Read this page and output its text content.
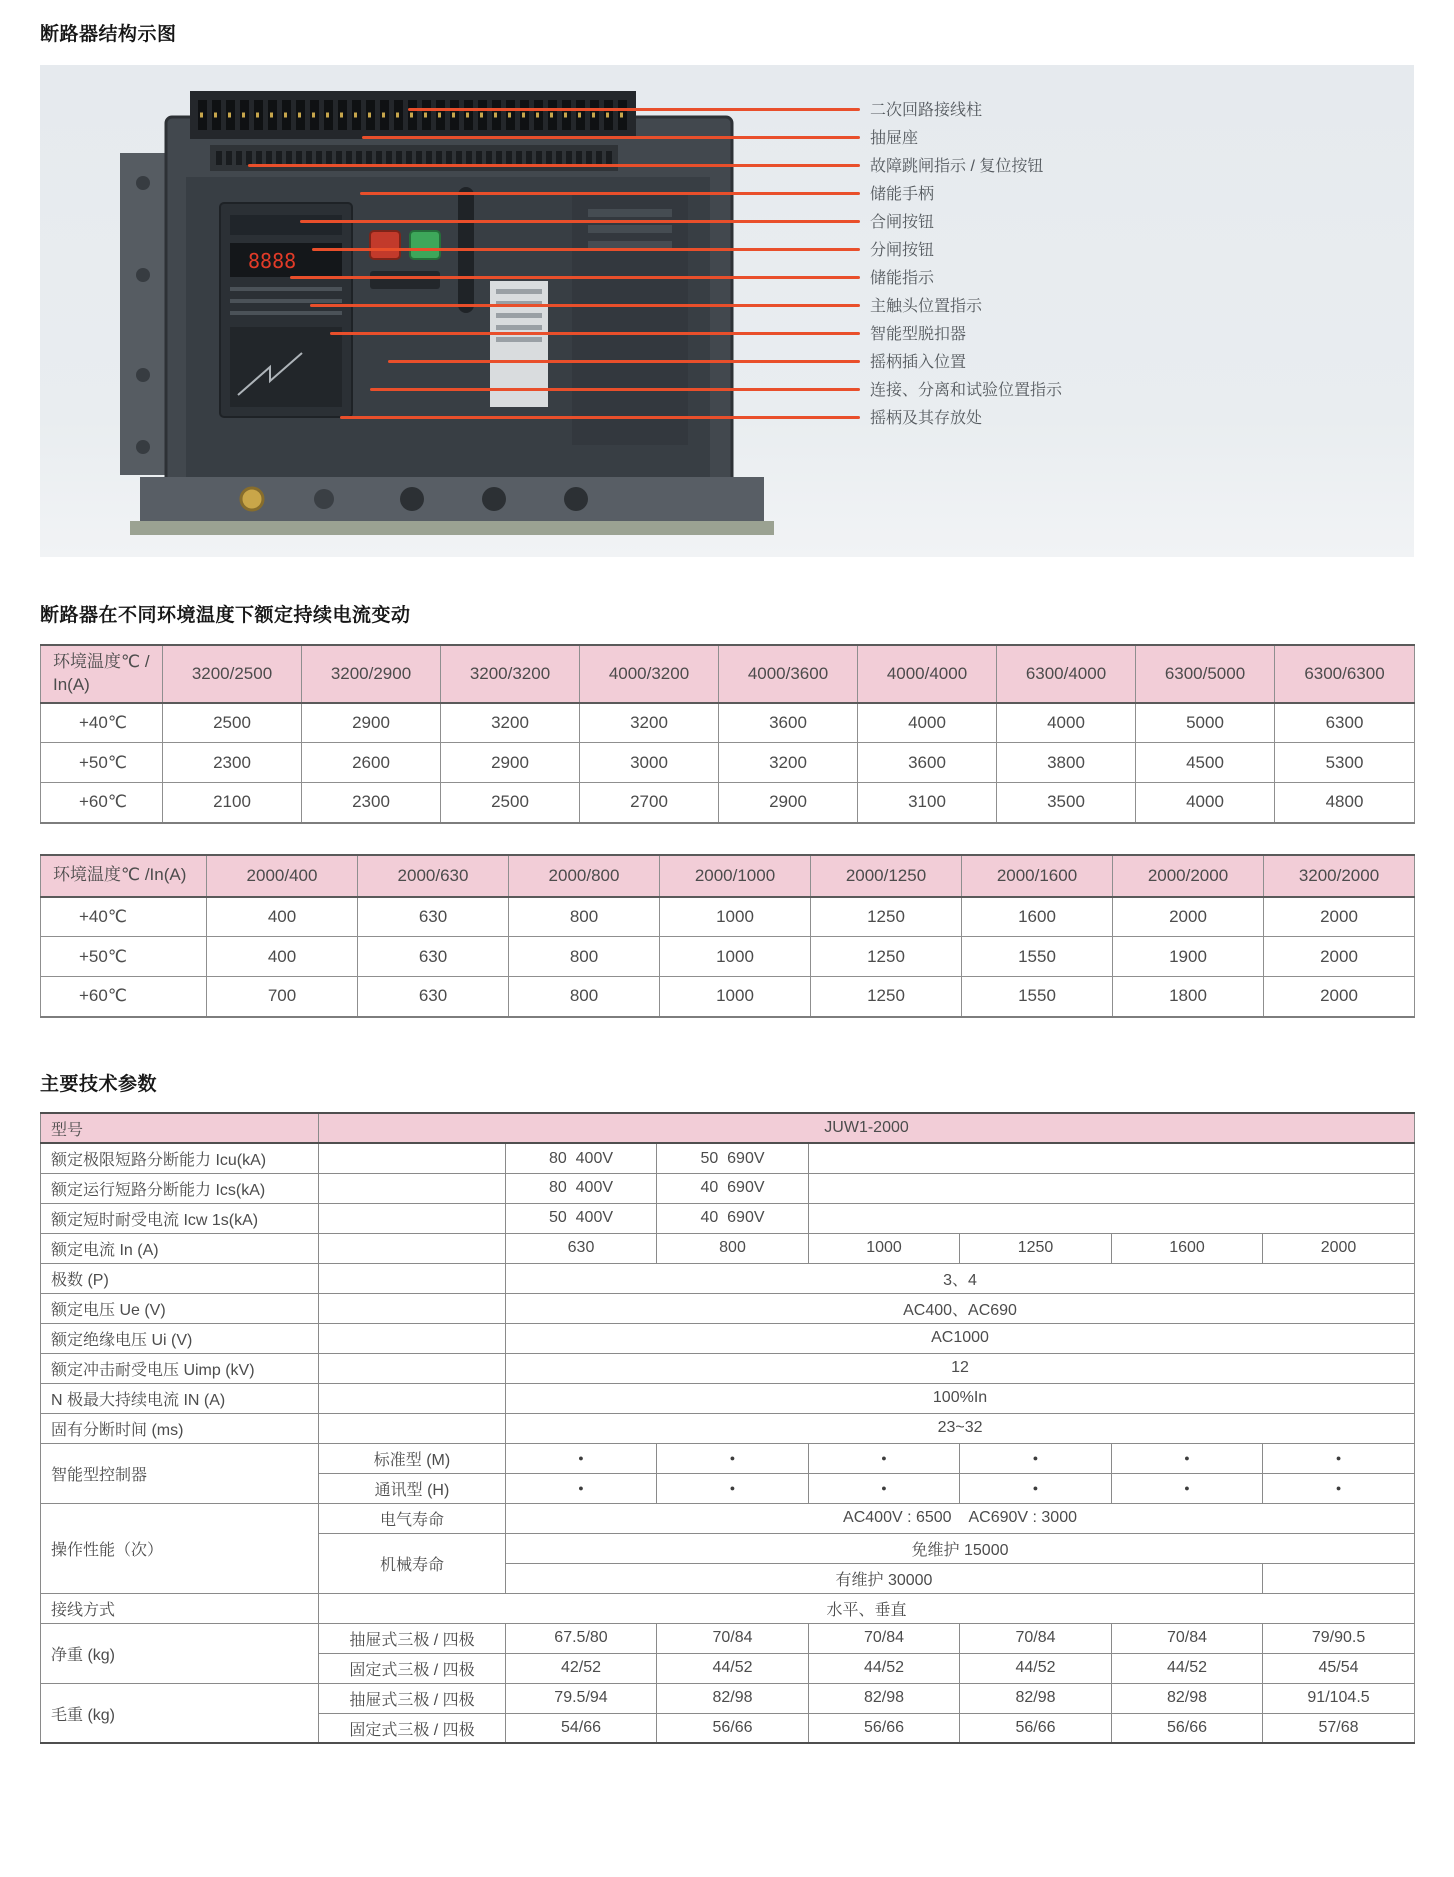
断路器结构示图
8888
二次回路接线柱
抽屉座
故障跳闸指示 / 复位按钮
储能手柄
合闸按钮
分闸按钮
储能指示
主触头位置指示
智能型脱扣器
摇柄插入位置
连接、分离和试验位置指示
摇柄及其存放处
断路器在不同环境温度下额定持续电流变动
环境温度℃ / In(A)	3200/2500	3200/2900	3200/3200	4000/3200	4000/3600	4000/4000	6300/4000	6300/5000	6300/6300
+40℃	2500	2900	3200	3200	3600	4000	4000	5000	6300
+50℃	2300	2600	2900	3000	3200	3600	3800	4500	5300
+60℃	2100	2300	2500	2700	2900	3100	3500	4000	4800
环境温度℃ /In(A)	2000/400	2000/630	2000/800	2000/1000	2000/1250	2000/1600	2000/2000	3200/2000
+40℃	400	630	800	1000	1250	1600	2000	2000
+50℃	400	630	800	1000	1250	1550	1900	2000
+60℃	700	630	800	1000	1250	1550	1800	2000
主要技术参数
型号	JUW1-2000						
额定极限短路分断能力 Icu(kA)		80  400V	50  690V				
额定运行短路分断能力 Ics(kA)		80  400V	40  690V				
额定短时耐受电流 Icw 1s(kA)		50  400V	40  690V				
额定电流 In (A)		630	800	1000	1250	1600	2000
极数 (P)		3、4					
额定电压 Ue (V)		AC400、AC690					
额定绝缘电压 Ui (V)		AC1000					
额定冲击耐受电压 Uimp (kV)		12					
N 极最大持续电流 IN (A)		100%In					
固有分断时间 (ms)		23~32					
智能型控制器	标准型 (M)	●	●	●	●	●	●
	通讯型 (H)	●	●	●	●	●	●
操作性能（次）	电气寿命	AC400V : 6500    AC690V : 3000					
	机械寿命	免维护 15000					
		有维护 30000					
接线方式	水平、垂直						
净重 (kg)	抽屉式三极 / 四极	67.5/80	70/84	70/84	70/84	70/84	79/90.5
	固定式三极 / 四极	42/52	44/52	44/52	44/52	44/52	45/54
毛重 (kg)	抽屉式三极 / 四极	79.5/94	82/98	82/98	82/98	82/98	91/104.5
	固定式三极 / 四极	54/66	56/66	56/66	56/66	56/66	57/68
